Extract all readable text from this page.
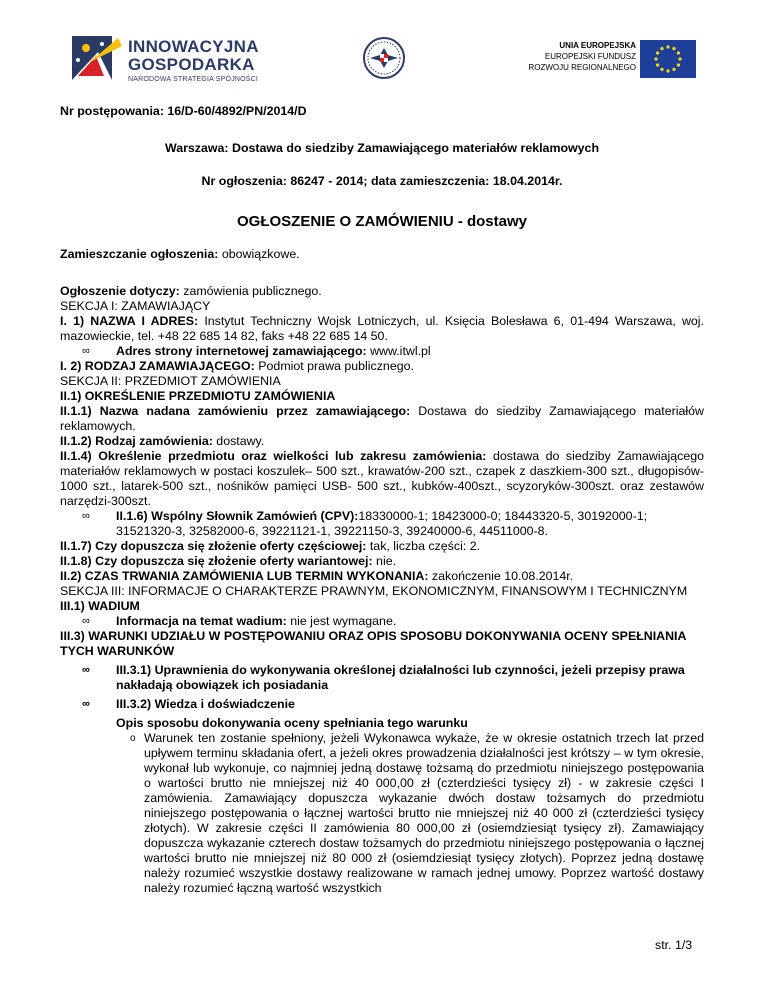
INNOWACYJNA
GOSPODARKA
NARODOWA STRATEGIA SPÓJNOŚCI
UNIA EUROPEJSKA
EUROPEJSKI FUNDUSZ
ROZWOJU REGIONALNEGO

Nr postępowania: 16/D-60/4892/PN/2014/D

Warszawa: Dostawa do siedziby Zamawiającego materiałów reklamowych

Nr ogłoszenia: 86247 - 2014; data zamieszczenia: 18.04.2014r.

OGŁOSZENIE O ZAMÓWIENIU - dostawy

Zamieszczanie ogłoszenia: obowiązkowe.

Ogłoszenie dotyczy: zamówienia publicznego.

SEKCJA I: ZAMAWIAJĄCY

I. 1) NAZWA I ADRES: Instytut Techniczny Wojsk Lotniczych, ul. Księcia Bolesława 6, 01-494 Warszawa, woj. mazowieckie, tel. +48 22 685 14 82, faks +48 22 685 14 50.

∞ Adres strony internetowej zamawiającego: www.itwl.pl

I. 2) RODZAJ ZAMAWIAJĄCEGO: Podmiot prawa publicznego.

SEKCJA II: PRZEDMIOT ZAMÓWIENIA

II.1) OKREŚLENIE PRZEDMIOTU ZAMÓWIENIA

II.1.1) Nazwa nadana zamówieniu przez zamawiającego: Dostawa do siedziby Zamawiającego materiałów reklamowych.

II.1.2) Rodzaj zamówienia: dostawy.

II.1.4) Określenie przedmiotu oraz wielkości lub zakresu zamówienia: dostawa do siedziby Zamawiającego materiałów reklamowych w postaci koszulek– 500 szt., krawatów-200 szt., czapek z daszkiem-300 szt., długopisów-1000 szt., latarek-500 szt., nośników pamięci USB- 500 szt., kubków-400szt., scyzoryków-300szt. oraz zestawów narzędzi-300szt.

∞ II.1.6) Wspólny Słownik Zamówień (CPV):18330000-1; 18423000-0; 18443320-5, 30192000-1; 31521320-3, 32582000-6, 39221121-1, 39221150-3, 39240000-6, 44511000-8.

II.1.7) Czy dopuszcza się złożenie oferty częściowej: tak, liczba części: 2.

II.1.8) Czy dopuszcza się złożenie oferty wariantowej: nie.

II.2) CZAS TRWANIA ZAMÓWIENIA LUB TERMIN WYKONANIA: zakończenie 10.08.2014r.

SEKCJA III: INFORMACJE O CHARAKTERZE PRAWNYM, EKONOMICZNYM, FINANSOWYM I TECHNICZNYM

III.1) WADIUM

∞ Informacja na temat wadium: nie jest wymagane.

III.3) WARUNKI UDZIAŁU W POSTĘPOWANIU ORAZ OPIS SPOSOBU DOKONYWANIA OCENY SPEŁNIANIA TYCH WARUNKÓW

∞ III.3.1) Uprawnienia do wykonywania określonej działalności lub czynności, jeżeli przepisy prawa nakładają obowiązek ich posiadania

∞ III.3.2) Wiedza i doświadczenie

Opis sposobu dokonywania oceny spełniania tego warunku

o Warunek ten zostanie spełniony, jeżeli Wykonawca wykaże, że w okresie ostatnich trzech lat przed upływem terminu składania ofert, a jeżeli okres prowadzenia działalności jest krótszy – w tym okresie, wykonał lub wykonuje, co najmniej jedną dostawę tożsamą do przedmiotu niniejszego postępowania o wartości brutto nie mniejszej niż 40 000,00 zł (czterdzieści tysięcy zł) - w zakresie części I zamówienia. Zamawiający dopuszcza wykazanie dwóch dostaw tożsamych do przedmiotu niniejszego postępowania o łącznej wartości brutto nie mniejszej niż 40 000 zł (czterdzieści tysięcy złotych). W zakresie części II zamówienia 80 000,00 zł (osiemdziesiąt tysięcy zł). Zamawiający dopuszcza wykazanie czterech dostaw tożsamych do przedmiotu niniejszego postępowania o łącznej wartości brutto nie mniejszej niż 80 000 zł (osiemdziesiąt tysięcy złotych). Poprzez jedną dostawę należy rozumieć wszystkie dostawy realizowane w ramach jednej umowy. Poprzez wartość dostawy należy rozumieć łączną wartość wszystkich

str. 1/3
